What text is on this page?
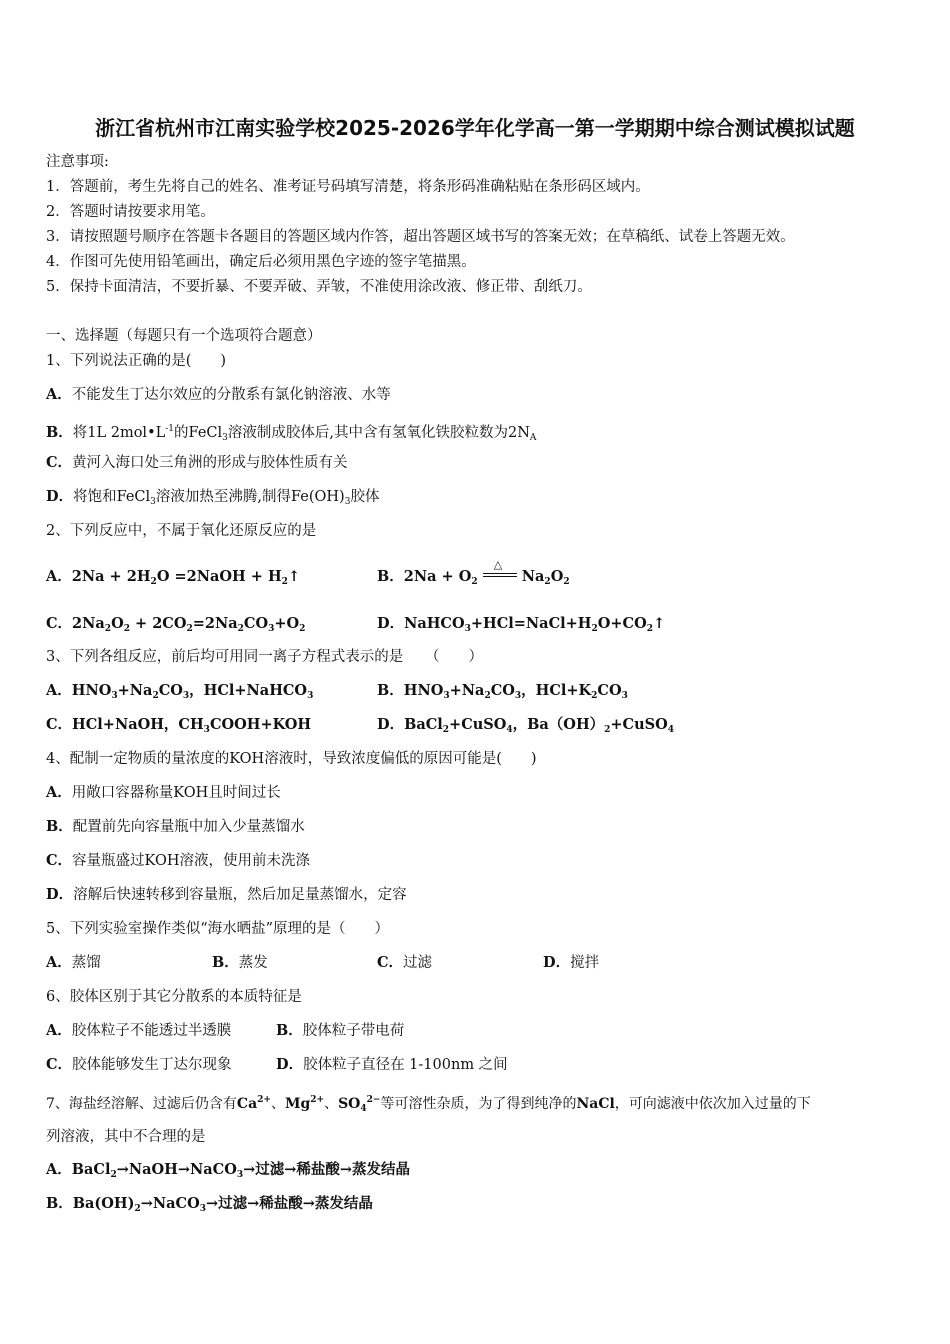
浙江省杭州市江南实验学校2025-2026学年化学高一第一学期期中综合测试模拟试题
注意事项:
1．答题前，考生先将自己的姓名、准考证号码填写清楚，将条形码准确粘贴在条形码区域内。
2．答题时请按要求用笔。
3．请按照题号顺序在答题卡各题目的答题区域内作答，超出答题区域书写的答案无效；在草稿纸、试卷上答题无效。
4．作图可先使用铅笔画出，确定后必须用黑色字迹的签字笔描黑。
5．保持卡面清洁，不要折暴、不要弄破、弄皱，不准使用涂改液、修正带、刮纸刀。
一、选择题（每题只有一个选项符合题意）
1、下列说法正确的是(　　)
A．不能发生丁达尔效应的分散系有氯化钠溶液、水等
B．将1L $2mol•L^{-1}$的FeCl$_3$溶液制成胶体后,其中含有氢氧化铁胶粒数为$2N_A$
C．黄河入海口处三角洲的形成与胶体性质有关
D．将饱和FeCl$_3$溶液加热至沸腾,制得$Fe(OH)_3$胶体
2、下列反应中，不属于氧化还原反应的是
A．$2Na + 2H_2O$ =2NaOH + $H_2↑$	B．$2Na + O_2$
△
$Na_2O_2$
C．$2Na_2O_2 + 2CO_2=2Na_2CO_3+O_2$	D．$NaHCO_3+HCl=NaCl+H_2O+CO_2↑$
3、下列各组反应，前后均可用同一离子方程式表示的是　　（　　）
A．$HNO_3+Na_2CO_3$，HCl+NaHCO$_3$	B．$HNO_3+Na_2CO_3$，$HCl+K_2CO_3$
C．HCl+NaOH，$CH_3COOH+KOH$	D．BaCl$_2$+CuSO$_4$，$Ba(OH)_2+CuSO_4$
4、配制一定物质的量浓度的KOH溶液时，导致浓度偏低的原因可能是(　　)
A．用敞口容器称量KOH且时间过长
B．配置前先向容量瓶中加入少量蒸馏水
C．容量瓶盛过KOH溶液，使用前未洗涤
D．溶解后快速转移到容量瓶，然后加足量蒸馏水，定容
5、下列实验室操作类似“海水晒盐”原理的是（　　）
A．蒸馏	B．蒸发	C．过滤	D．搅拌
6、胶体区别于其它分散系的本质特征是
A．胶体粒子不能透过半透膜	B．胶体粒子带电荷
C．胶体能够发生丁达尔现象	D．胶体粒子直径在 1-100nm 之间
7、海盐经溶解、过滤后仍含有$Ca^{2+}$、$Mg^{2+}$、$SO_4^{2-}$等可溶性杂质，为了得到纯净的NaCl，可向滤液中依次加入过量的下
列溶液，其中不合理的是
A．BaCl$_2$→NaOH→NaCO$_3$→过滤→稀盐酸→蒸发结晶
B．$Ba(OH)_2\to NaCO_3\to$过滤→稀盐酸→蒸发结晶
